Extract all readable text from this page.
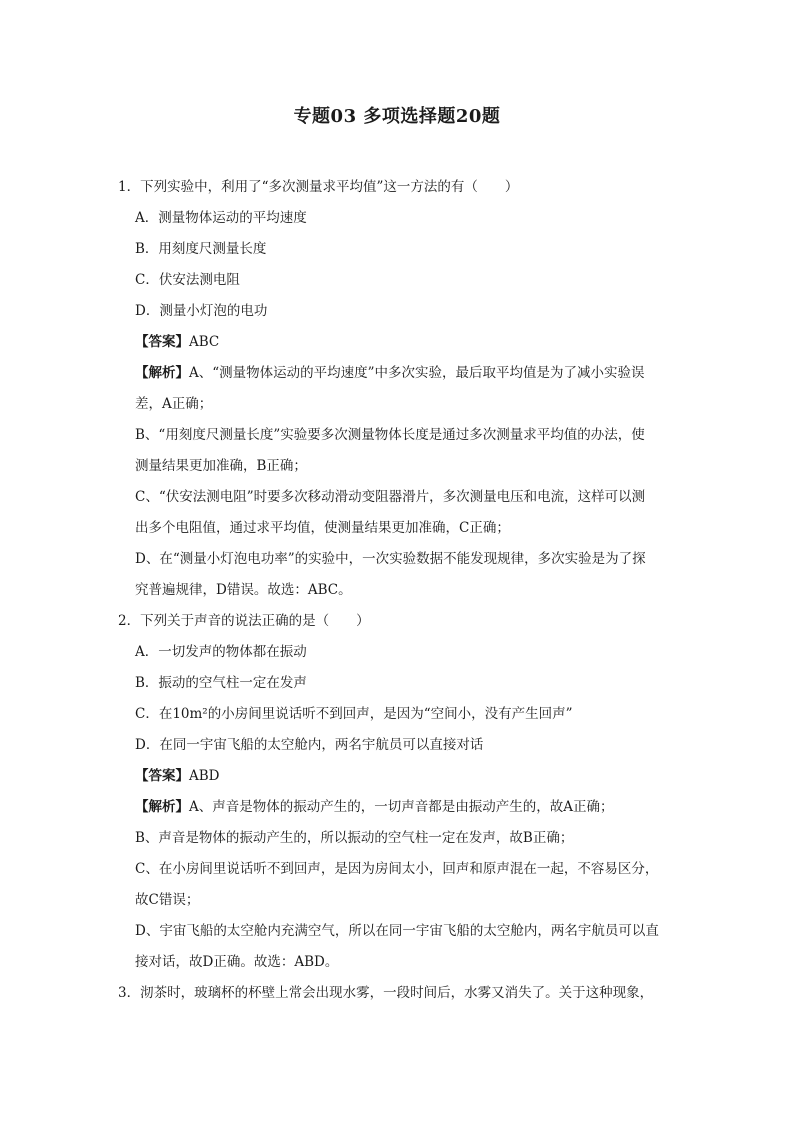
专题03 多项选择题20题
1．下列实验中，利用了“多次测量求平均值”这一方法的有（　　）
A．测量物体运动的平均速度
B．用刻度尺测量长度
C．伏安法测电阻
D．测量小灯泡的电功
【答案】ABC
【解析】A、“测量物体运动的平均速度”中多次实验，最后取平均值是为了减小实验误
差，A正确；
B、“用刻度尺测量长度”实验要多次测量物体长度是通过多次测量求平均值的办法，使
测量结果更加准确，B正确；
C、“伏安法测电阻”时要多次移动滑动变阻器滑片，多次测量电压和电流，这样可以测
出多个电阻值，通过求平均值，使测量结果更加准确，C正确；
D、在“测量小灯泡电功率”的实验中，一次实验数据不能发现规律，多次实验是为了探
究普遍规律，D错误。故选：ABC。
2．下列关于声音的说法正确的是（　　）
A．一切发声的物体都在振动
B．振动的空气柱一定在发声
C．在10m²的小房间里说话听不到回声，是因为“空间小，没有产生回声”
D．在同一宇宙飞船的太空舱内，两名宇航员可以直接对话
【答案】ABD
【解析】A、声音是物体的振动产生的，一切声音都是由振动产生的，故A正确；
B、声音是物体的振动产生的，所以振动的空气柱一定在发声，故B正确；
C、在小房间里说话听不到回声，是因为房间太小，回声和原声混在一起，不容易区分，
故C错误；
D、宇宙飞船的太空舱内充满空气，所以在同一宇宙飞船的太空舱内，两名宇航员可以直
接对话，故D正确。故选：ABD。
3．沏茶时，玻璃杯的杯壁上常会出现水雾，一段时间后，水雾又消失了。关于这种现象，
